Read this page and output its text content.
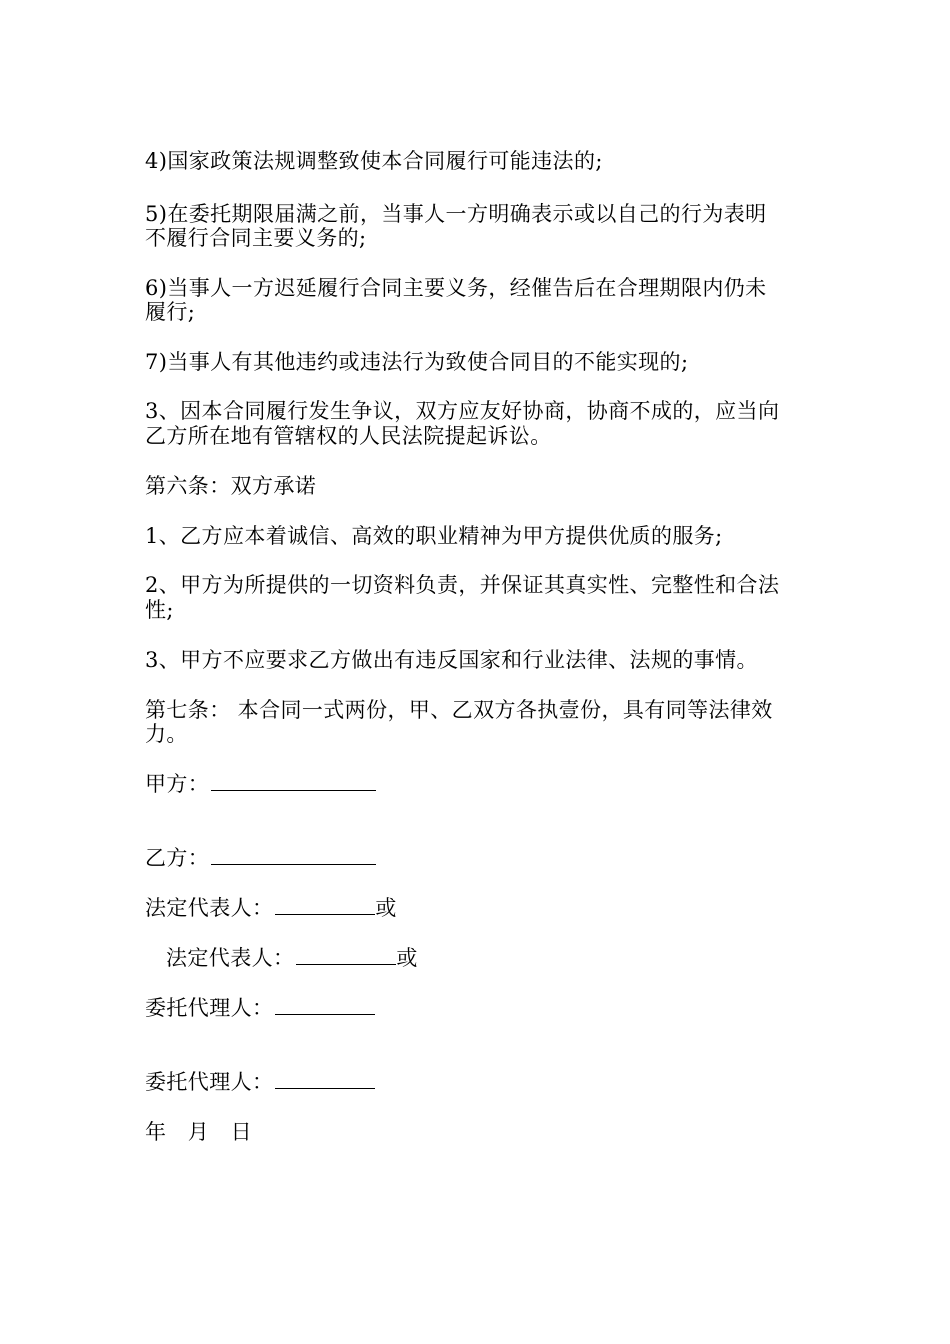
4)国家政策法规调整致使本合同履行可能违法的;
5)在委托期限届满之前，当事人一方明确表示或以自己的行为表明
不履行合同主要义务的;
6)当事人一方迟延履行合同主要义务，经催告后在合理期限内仍未
履行;
7)当事人有其他违约或违法行为致使合同目的不能实现的;
3、因本合同履行发生争议，双方应友好协商，协商不成的，应当向
乙方所在地有管辖权的人民法院提起诉讼。
第六条：双方承诺
1、乙方应本着诚信、高效的职业精神为甲方提供优质的服务;
2、甲方为所提供的一切资料负责，并保证其真实性、完整性和合法
性;
3、甲方不应要求乙方做出有违反国家和行业法律、法规的事情。
第七条： 本合同一式两份，甲、乙双方各执壹份，具有同等法律效
力。
甲方：
乙方：
法定代表人：	或
法定代表人：	或
委托代理人：
委托代理人：
年　月　日
